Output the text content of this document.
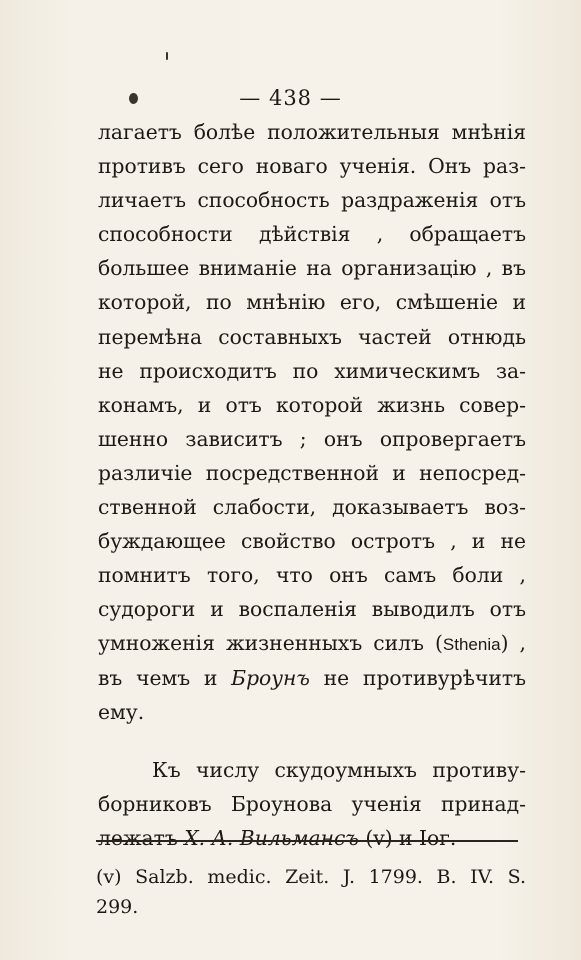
— 438 —
лагаетъ болѣе положительныя мнѣнія
противъ сего новаго ученія. Онъ раз-
личаетъ способность раздраженія отъ
способности дѣйствія , обращаетъ
большее вниманіе на организацію , въ
которой, по мнѣнію его, смѣшеніе и
перемѣна составныхъ частей отнюдь
не происходитъ по химическимъ за-
конамъ, и отъ которой жизнь совер-
шенно зависитъ ; онъ опровергаетъ
различіе посредственной и непосред-
ственной слабости, доказываетъ воз-
буждающее свойство остротъ , и не
помнитъ того, что онъ самъ боли ,
судороги и воспаленія выводилъ отъ
умноженія жизненныхъ силъ (Sthenia) ,
въ чемъ и Броунъ не противурѣчитъ
ему.
Къ числу скудоумныхъ противу-
борниковъ Броунова ученія принад-
лежатъ Х. А. Вильмансъ (v) и Іог.
(v) Salzb. medic. Zeit. J. 1799. B. IV. S.
299.
